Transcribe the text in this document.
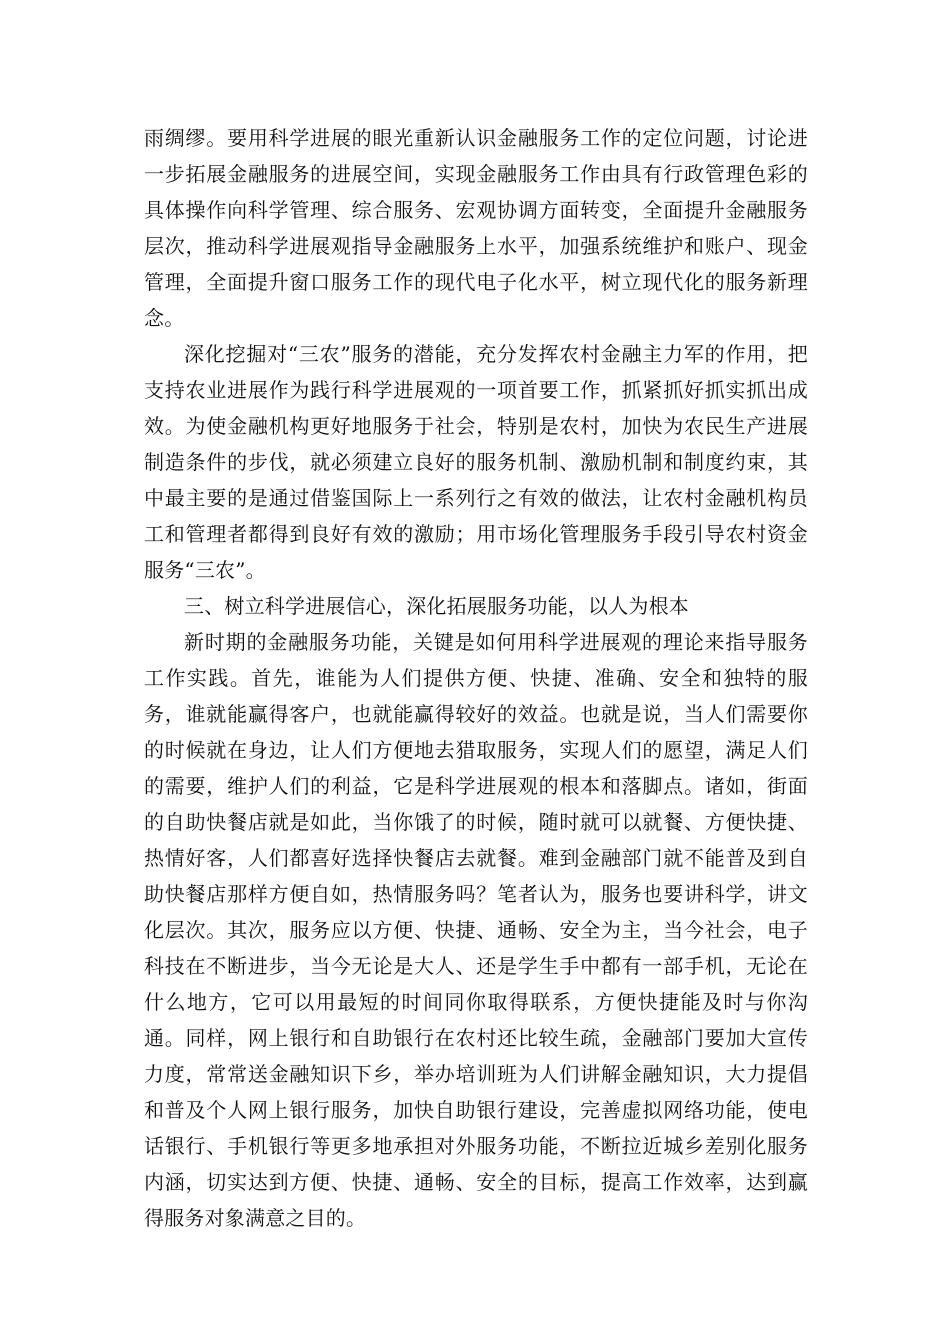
雨绸缪。要用科学进展的眼光重新认识金融服务工作的定位问题，讨论进一步拓展金融服务的进展空间，实现金融服务工作由具有行政管理色彩的具体操作向科学管理、综合服务、宏观协调方面转变，全面提升金融服务层次，推动科学进展观指导金融服务上水平，加强系统维护和账户、现金管理，全面提升窗口服务工作的现代电子化水平，树立现代化的服务新理念。

深化挖掘对“三农”服务的潜能，充分发挥农村金融主力军的作用，把支持农业进展作为践行科学进展观的一项首要工作，抓紧抓好抓实抓出成效。为使金融机构更好地服务于社会，特别是农村，加快为农民生产进展制造条件的步伐，就必须建立良好的服务机制、激励机制和制度约束，其中最主要的是通过借鉴国际上一系列行之有效的做法，让农村金融机构员工和管理者都得到良好有效的激励；用市场化管理服务手段引导农村资金服务“三农”。

三、树立科学进展信心，深化拓展服务功能，以人为根本

新时期的金融服务功能，关键是如何用科学进展观的理论来指导服务工作实践。首先，谁能为人们提供方便、快捷、准确、安全和独特的服务，谁就能赢得客户，也就能赢得较好的效益。也就是说，当人们需要你的时候就在身边，让人们方便地去猎取服务，实现人们的愿望，满足人们的需要，维护人们的利益，它是科学进展观的根本和落脚点。诸如，街面的自助快餐店就是如此，当你饿了的时候，随时就可以就餐、方便快捷、热情好客，人们都喜好选择快餐店去就餐。难到金融部门就不能普及到自助快餐店那样方便自如，热情服务吗？笔者认为，服务也要讲科学，讲文化层次。其次，服务应以方便、快捷、通畅、安全为主，当今社会，电子科技在不断进步，当今无论是大人、还是学生手中都有一部手机，无论在什么地方，它可以用最短的时间同你取得联系，方便快捷能及时与你沟通。同样，网上银行和自助银行在农村还比较生疏，金融部门要加大宣传力度，常常送金融知识下乡，举办培训班为人们讲解金融知识，大力提倡和普及个人网上银行服务，加快自助银行建设，完善虚拟网络功能，使电话银行、手机银行等更多地承担对外服务功能，不断拉近城乡差别化服务内涵，切实达到方便、快捷、通畅、安全的目标，提高工作效率，达到赢得服务对象满意之目的。
